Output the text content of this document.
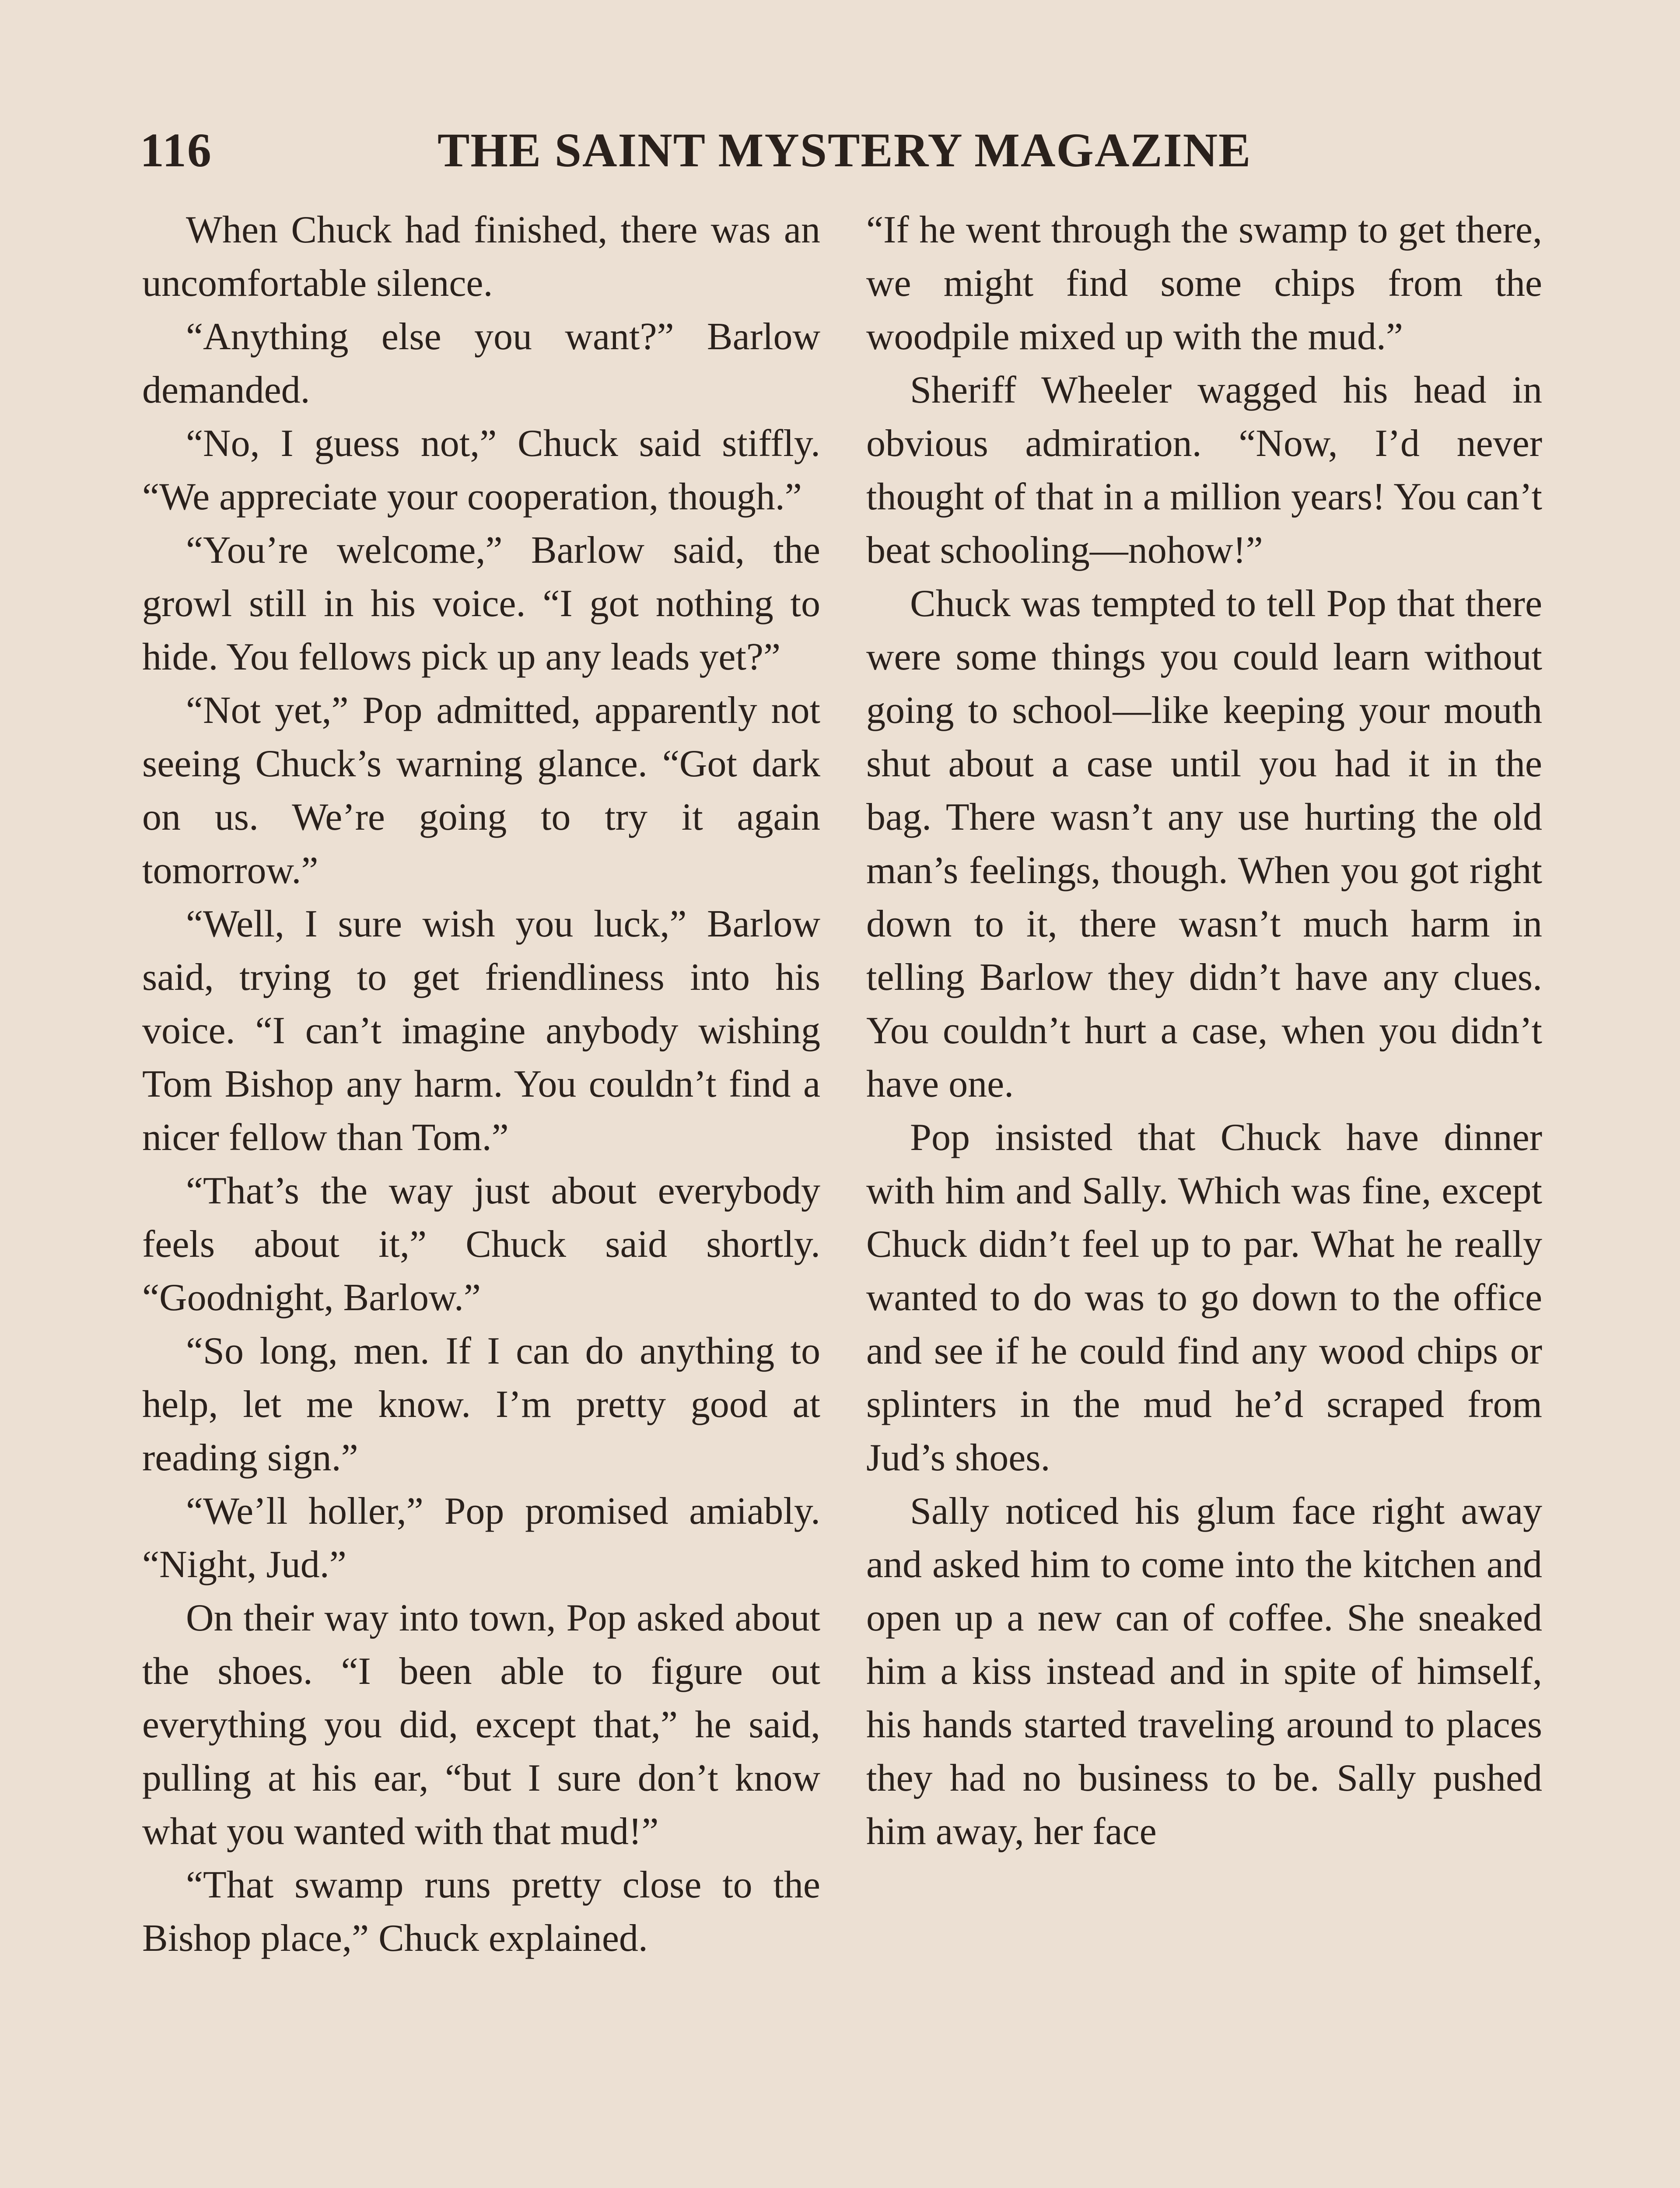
116	THE SAINT MYSTERY MAGAZINE

When Chuck had finished, there was an uncomfortable silence.

“Anything else you want?” Barlow demanded.

“No, I guess not,” Chuck said stiffly. “We appreciate your cooperation, though.”

“You’re welcome,” Barlow said, the growl still in his voice. “I got nothing to hide. You fellows pick up any leads yet?”

“Not yet,” Pop admitted, apparently not seeing Chuck’s warning glance. “Got dark on us. We’re going to try it again tomorrow.”

“Well, I sure wish you luck,” Barlow said, trying to get friendliness into his voice. “I can’t imagine anybody wishing Tom Bishop any harm. You couldn’t find a nicer fellow than Tom.”

“That’s the way just about everybody feels about it,” Chuck said shortly. “Goodnight, Barlow.”

“So long, men. If I can do anything to help, let me know. I’m pretty good at reading sign.”

“We’ll holler,” Pop promised amiably. “Night, Jud.”

On their way into town, Pop asked about the shoes. “I been able to figure out everything you did, except that,” he said, pulling at his ear, “but I sure don’t know what you wanted with that mud!”

“That swamp runs pretty close to the Bishop place,” Chuck explained.

“If he went through the swamp to get there, we might find some chips from the woodpile mixed up with the mud.”

Sheriff Wheeler wagged his head in obvious admiration. “Now, I’d never thought of that in a million years! You can’t beat schooling—nohow!”

Chuck was tempted to tell Pop that there were some things you could learn without going to school—like keeping your mouth shut about a case until you had it in the bag. There wasn’t any use hurting the old man’s feelings, though. When you got right down to it, there wasn’t much harm in telling Barlow they didn’t have any clues. You couldn’t hurt a case, when you didn’t have one.

Pop insisted that Chuck have dinner with him and Sally. Which was fine, except Chuck didn’t feel up to par. What he really wanted to do was to go down to the office and see if he could find any wood chips or splinters in the mud he’d scraped from Jud’s shoes.

Sally noticed his glum face right away and asked him to come into the kitchen and open up a new can of coffee. She sneaked him a kiss instead and in spite of himself, his hands started traveling around to places they had no business to be. Sally pushed him away, her face
